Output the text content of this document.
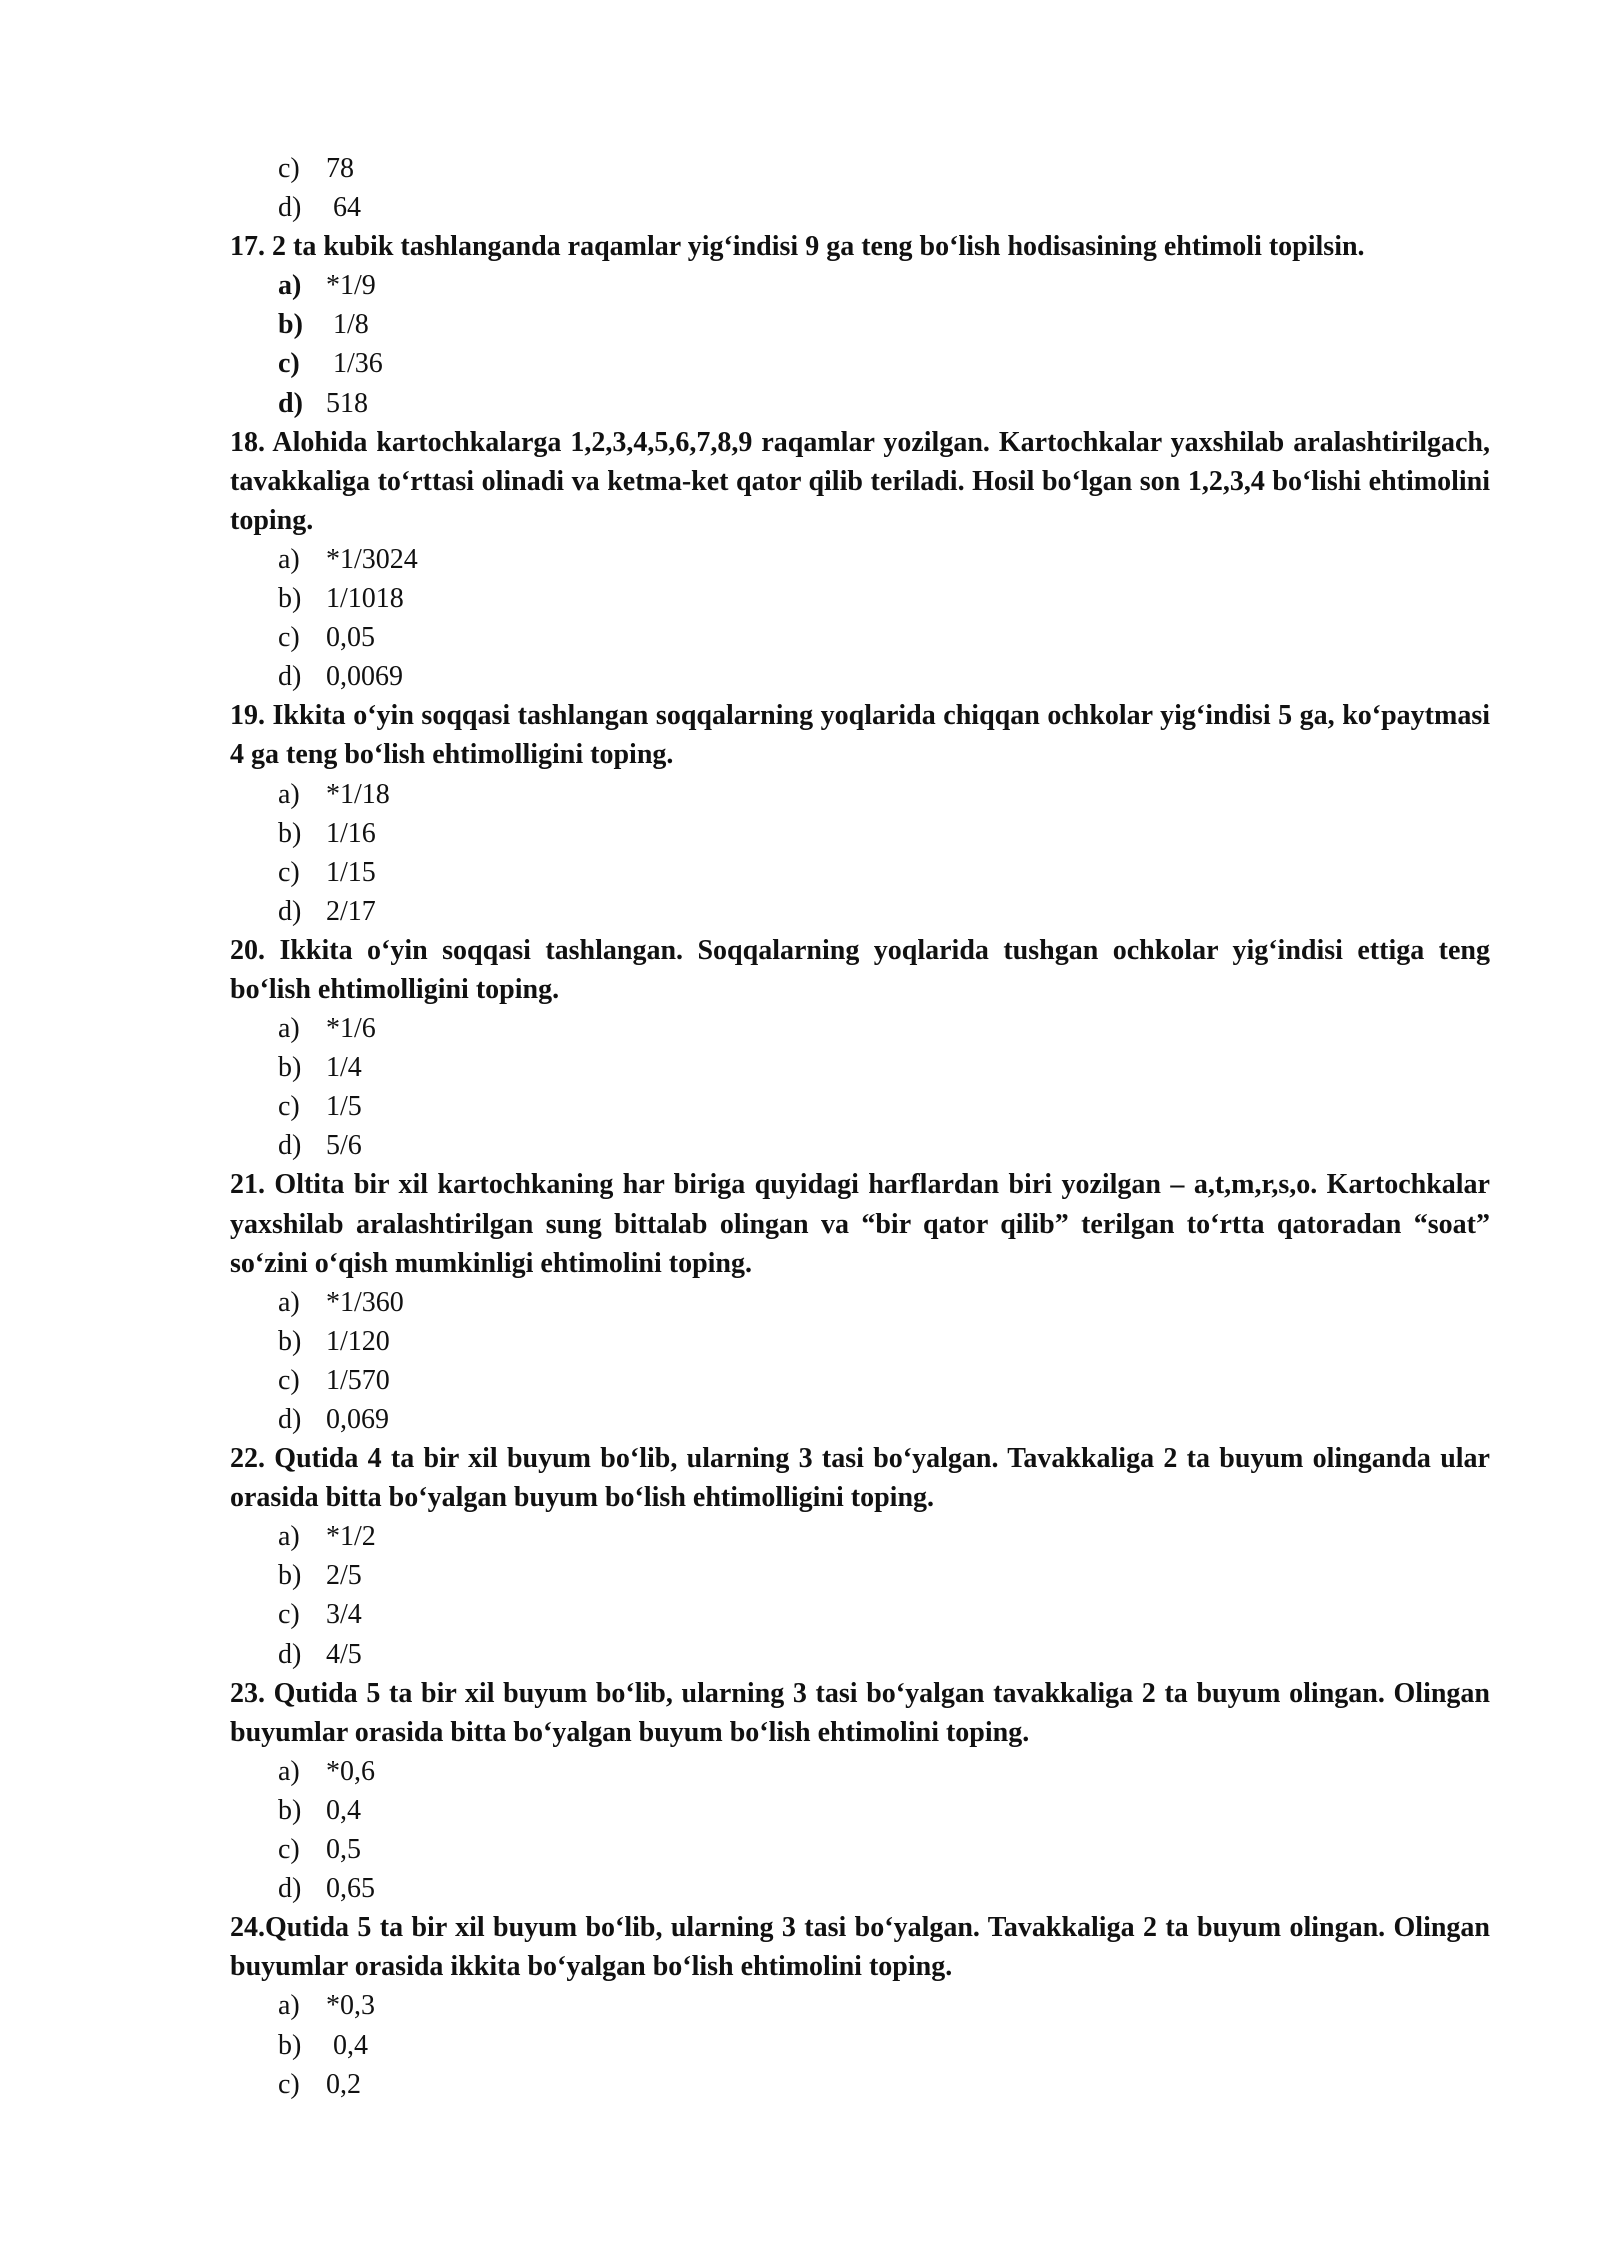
c) 78
d) 64
17. 2 ta kubik tashlanganda raqamlar yig‘indisi 9 ga teng bo‘lish hodisasining ehtimoli topilsin.
a) *1/9
b) 1/8
c) 1/36
d) 518
18. Alohida kartochkalarga 1,2,3,4,5,6,7,8,9 raqamlar yozilgan. Kartochkalar yaxshilab aralashtirilgach, tavakkaliga to‘rttasi olinadi va ketma-ket qator qilib teriladi. Hosil bo‘lgan son 1,2,3,4 bo‘lishi ehtimolini toping.
a) *1/3024
b) 1/1018
c) 0,05
d) 0,0069
19. Ikkita o‘yin soqqasi tashlangan soqqalarning yoqlarida chiqqan ochkolar yig‘indisi 5 ga, ko‘paytmasi 4 ga teng bo‘lish ehtimolligini toping.
a) *1/18
b) 1/16
c) 1/15
d) 2/17
20. Ikkita o‘yin soqqasi tashlangan. Soqqalarning yoqlarida tushgan ochkolar yig‘indisi ettiga teng bo‘lish ehtimolligini toping.
a) *1/6
b) 1/4
c) 1/5
d) 5/6
21. Oltita bir xil kartochkaning har biriga quyidagi harflardan biri yozilgan – a,t,m,r,s,o. Kartochkalar yaxshilab aralashtirilgan sung bittalab olingan va “bir qator qilib” terilgan to‘rtta qatoradan “soat” so‘zini o‘qish mumkinligi ehtimolini toping.
a) *1/360
b) 1/120
c) 1/570
d) 0,069
22. Qutida 4 ta bir xil buyum bo‘lib, ularning 3 tasi bo‘yalgan. Tavakkaliga 2 ta buyum olinganda ular orasida bitta bo‘yalgan buyum bo‘lish ehtimolligini toping.
a) *1/2
b) 2/5
c) 3/4
d) 4/5
23. Qutida 5 ta bir xil buyum bo‘lib, ularning 3 tasi bo‘yalgan tavakkaliga 2 ta buyum olingan. Olingan buyumlar orasida bitta bo‘yalgan buyum bo‘lish ehtimolini toping.
a) *0,6
b) 0,4
c) 0,5
d) 0,65
24.Qutida 5 ta bir xil buyum bo‘lib, ularning 3 tasi bo‘yalgan. Tavakkaliga 2 ta buyum olingan. Olingan buyumlar orasida ikkita bo‘yalgan bo‘lish ehtimolini toping.
a) *0,3
b) 0,4
c) 0,2
